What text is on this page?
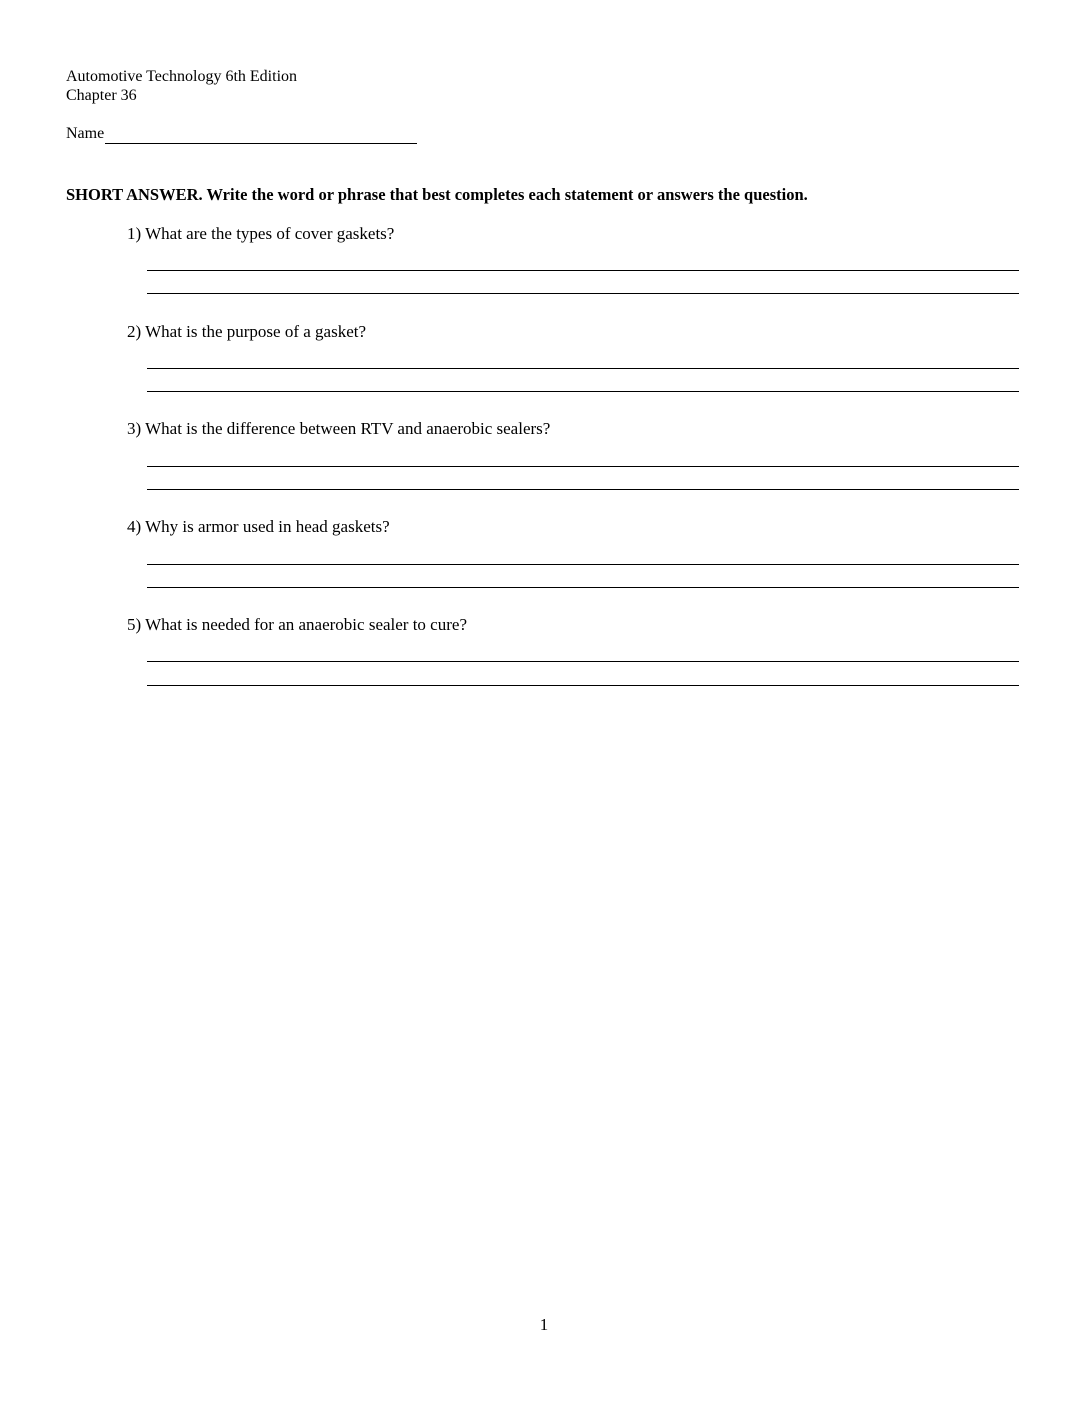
Automotive Technology 6th Edition
Chapter 36
Name
SHORT ANSWER. Write the word or phrase that best completes each statement or answers the question.
1) What are the types of cover gaskets?
2) What is the purpose of a gasket?
3) What is the difference between RTV and anaerobic sealers?
4) Why is armor used in head gaskets?
5) What is needed for an anaerobic sealer to cure?
1
